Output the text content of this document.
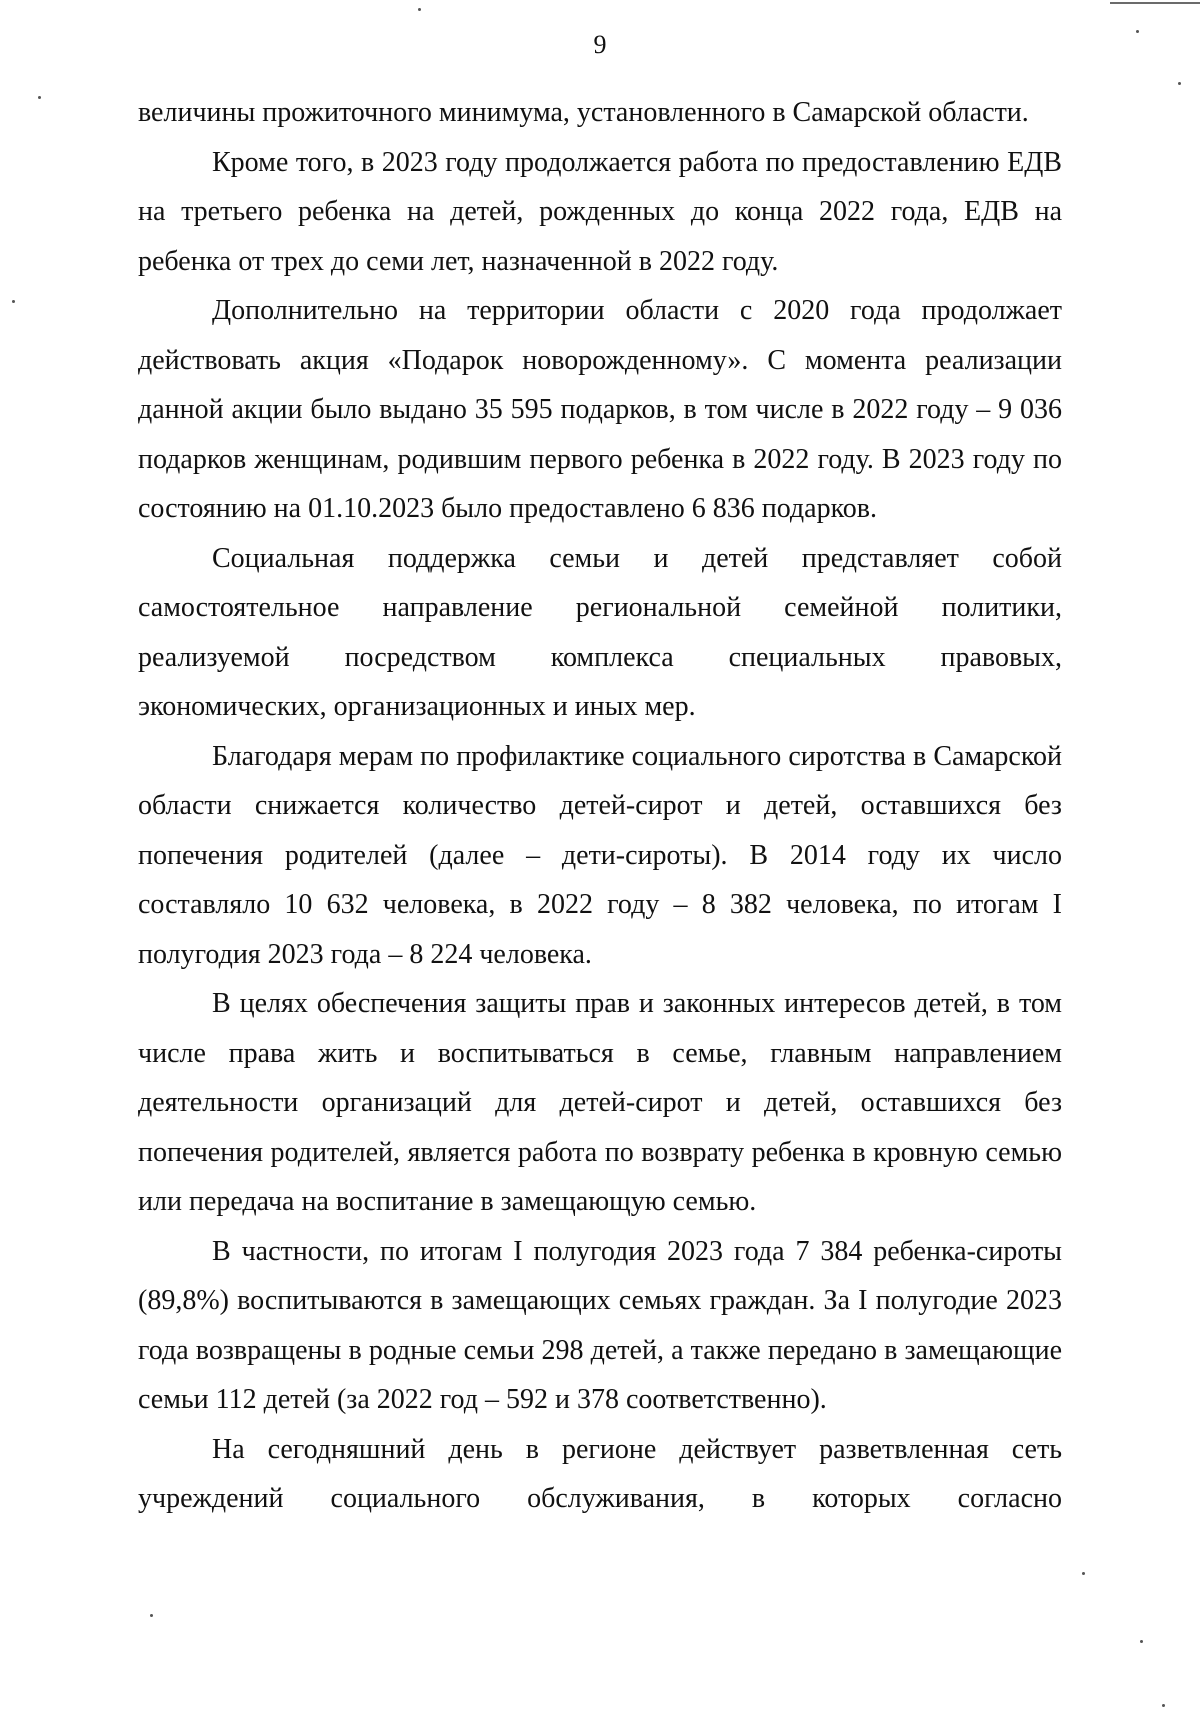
9

величины прожиточного минимума, установленного в Самарской области.

Кроме того, в 2023 году продолжается работа по предоставлению ЕДВ на третьего ребенка на детей, рожденных до конца 2022 года, ЕДВ на ребенка от трех до семи лет, назначенной в 2022 году.

Дополнительно на территории области с 2020 года продолжает действовать акция «Подарок новорожденному». С момента реализации данной акции было выдано 35 595 подарков, в том числе в 2022 году – 9 036 подарков женщинам, родившим первого ребенка в 2022 году. В 2023 году по состоянию на 01.10.2023 было предоставлено 6 836 подарков.

Социальная поддержка семьи и детей представляет собой самостоятельное направление региональной семейной политики, реализуемой посредством комплекса специальных правовых, экономических, организационных и иных мер.

Благодаря мерам по профилактике социального сиротства в Самарской области снижается количество детей-сирот и детей, оставшихся без попечения родителей (далее – дети-сироты). В 2014 году их число составляло 10 632 человека, в 2022 году – 8 382 человека, по итогам I полугодия 2023 года – 8 224 человека.

В целях обеспечения защиты прав и законных интересов детей, в том числе права жить и воспитываться в семье, главным направлением деятельности организаций для детей-сирот и детей, оставшихся без попечения родителей, является работа по возврату ребенка в кровную семью или передача на воспитание в замещающую семью.

В частности, по итогам I полугодия 2023 года 7 384 ребенка-сироты (89,8%) воспитываются в замещающих семьях граждан. За I полугодие 2023 года возвращены в родные семьи 298 детей, а также передано в замещающие семьи 112 детей (за 2022 год – 592 и 378 соответственно).

На сегодняшний день в регионе действует разветвленная сеть учреждений социального обслуживания, в которых согласно
